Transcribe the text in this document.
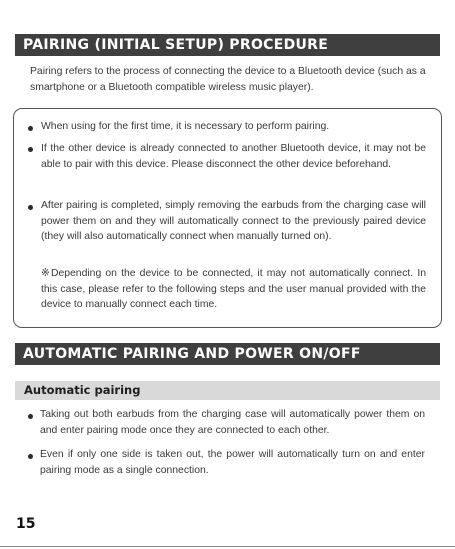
PAIRING (INITIAL SETUP) PROCEDURE

Pairing refers to the process of connecting the device to a Bluetooth device (such as a smartphone or a Bluetooth compatible wireless music player).

When using for the first time, it is necessary to perform pairing.

If the other device is already connected to another Bluetooth device, it may not be able to pair with this device. Please disconnect the other device beforehand.

After pairing is completed, simply removing the earbuds from the charging case will power them on and they will automatically connect to the previously paired device (they will also automatically connect when manually turned on).

※Depending on the device to be connected, it may not automatically connect. In this case, please refer to the following steps and the user manual provided with the device to manually connect each time.

AUTOMATIC PAIRING AND POWER ON/OFF
Automatic pairing

Taking out both earbuds from the charging case will automatically power them on and enter pairing mode once they are connected to each other.

Even if only one side is taken out, the power will automatically turn on and enter pairing mode as a single connection.

15
